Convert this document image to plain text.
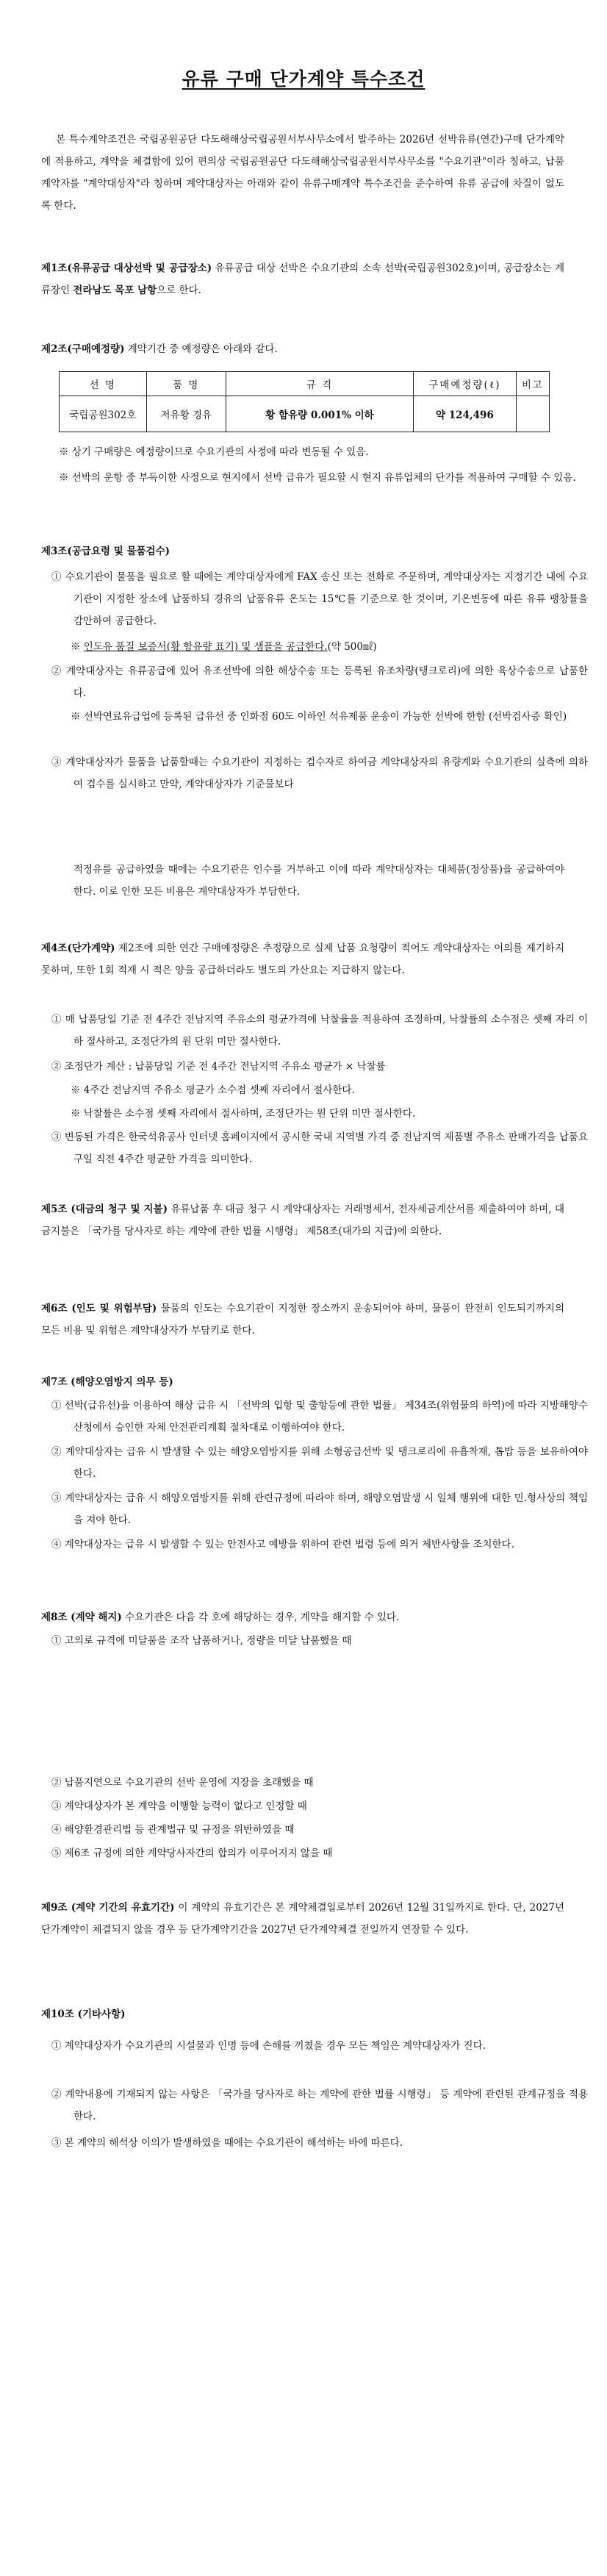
유류 구매 단가계약 특수조건
본 특수계약조건은 국립공원공단 다도해해상국립공원서부사무소에서 발주하는 2026년 선박유류(연간)구매 단가계약에 적용하고, 계약을 체결함에 있어 편의상 국립공원공단 다도해해상국립공원서부사무소를 "수요기관"이라 칭하고, 납품계약자를 "계약대상자"라 칭하며 계약대상자는 아래와 같이 유류구매계약 특수조건을 준수하여 유류 공급에 차질이 없도록 한다.
제1조(유류공급 대상선박 및 공급장소) 유류공급 대상 선박은 수요기관의 소속 선박(국립공원302호)이며, 공급장소는 계류장인 전라남도 목포 남항으로 한다.
제2조(구매예정량) 계약기간 중 예정량은 아래와 같다.
선 명	품 명	규 격	구매예정량(ℓ)	비고
국립공원302호	저유황 경유	황 함유량 0.001% 이하	약 124,496	
※ 상기 구매량은 예정량이므로 수요기관의 사정에 따라 변동될 수 있음.
※ 선박의 운항 중 부득이한 사정으로 현지에서 선박 급유가 필요할 시 현지 유류업체의 단가를 적용하여 구매할 수 있음.
제3조(공급요령 및 물품검수)
① 수요기관이 물품을 필요로 할 때에는 계약대상자에게 FAX 송신 또는 전화로 주문하며, 계약대상자는 지정기간 내에 수요기관이 지정한 장소에 납품하되 경유의 납품유류 온도는 15℃를 기준으로 한 것이며, 기온변동에 따른 유류 팽창률을 감안하여 공급한다.
※ 인도유 품질 보증서(황 함유량 표기) 및 샘플을 공급한다.(약 500㎖)
② 계약대상자는 유류공급에 있어 유조선박에 의한 해상수송 또는 등록된 유조차량(탱크로리)에 의한 육상수송으로 납품한다.
※ 선박연료유급업에 등록된 급유선 중 인화점 60도 이하인 석유제품 운송이 가능한 선박에 한함 (선박검사증 확인)
③ 계약대상자가 물품을 납품할때는 수요기관이 지정하는 검수자로 하여금 계약대상자의 유량계와 수요기관의 실측에 의하여 검수를 실시하고 만약, 계약대상자가 기준물보다
적정유를 공급하였을 때에는 수요기관은 인수를 거부하고 이에 따라 계약대상자는 대체품(정상품)을 공급하여야 한다. 이로 인한 모든 비용은 계약대상자가 부담한다.
제4조(단가계약) 제2조에 의한 연간 구매예정량은 추정량으로 실제 납품 요청량이 적어도 계약대상자는 이의를 제기하지 못하며, 또한 1회 적재 시 적은 양을 공급하더라도 별도의 가산요는 지급하지 않는다.
① 매 납품당일 기준 전 4주간 전남지역 주유소의 평균가격에 낙찰율을 적용하여 조정하며, 낙찰률의 소수점은 셋째 자리 이하 절사하고, 조정단가의 원 단위 미만 절사한다.
② 조정단가 계산 : 납품당일 기준 전 4주간 전남지역 주유소 평균가 × 낙찰률
※ 4주간 전남지역 주유소 평균가 소수점 셋째 자리에서 절사한다.
※ 낙찰률은 소수점 셋째 자리에서 절사하며, 조정단가는 원 단위 미만 절사한다.
③ 변동된 가격은 한국석유공사 인터넷 홈페이지에서 공시한 국내 지역별 가격 중 전남지역 제품별 주유소 판매가격을 납품요구일 직전 4주간 평균한 가격을 의미한다.
제5조 (대금의 청구 및 지불) 유류납품 후 대금 청구 시 계약대상자는 거래명세서, 전자세금계산서를 제출하여야 하며, 대금지불은 「국가를 당사자로 하는 계약에 관한 법률 시행령」 제58조(대가의 지급)에 의한다.
제6조 (인도 및 위험부담) 물품의 인도는 수요기관이 지정한 장소까지 운송되어야 하며, 물품이 완전히 인도되기까지의 모든 비용 및 위험은 계약대상자가 부담키로 한다.
제7조 (해양오염방지 의무 등)
① 선박(급유선)을 이용하여 해상 급유 시 「선박의 입항 및 출항등에 관한 법률」 제34조(위험물의 하역)에 따라 지방해양수산청에서 승인한 자체 안전관리계획 절차대로 이행하여야 한다.
② 계약대상자는 급유 시 발생할 수 있는 해양오염방지를 위해 소형공급선박 및 탱크로리에 유흡착재, 톱밥 등을 보유하여야 한다.
③ 계약대상자는 급유 시 해양오염방지를 위해 관련규정에 따라야 하며, 해양오염발생 시 일체 행위에 대한 민․형사상의 책임을 져야 한다.
④ 계약대상자는 급유 시 발생할 수 있는 안전사고 예방을 위하여 관련 법령 등에 의거 제반사항을 조치한다.
제8조 (계약 해지) 수요기관은 다음 각 호에 해당하는 경우, 계약을 해지할 수 있다.
① 고의로 규격에 미달품을 조작 납품하거나, 정량을 미달 납품했을 때
② 납품지연으로 수요기관의 선박 운영에 지장을 초래했을 때
③ 계약대상자가 본 계약을 이행할 능력이 없다고 인정할 때
④ 해양환경관리법 등 관계법규 및 규정을 위반하였을 때
⑤ 제6조 규정에 의한 계약당사자간의 합의가 이루어지지 않을 때
제9조 (계약 기간의 유효기간) 이 계약의 유효기간은 본 계약체결일로부터 2026년 12월 31일까지로 한다. 단, 2027년 단가계약이 체결되지 않을 경우 등 단가계약기간을 2027년 단가계약체결 전일까지 연장할 수 있다.
제10조 (기타사항)
① 계약대상자가 수요기관의 시설물과 인명 등에 손해를 끼쳤을 경우 모든 책임은 계약대상자가 진다.
② 계약내용에 기재되지 않는 사항은 「국가를 당사자로 하는 계약에 관한 법률 시행령」 등 계약에 관련된 관계규정을 적용한다.
③ 본 계약의 해석상 이의가 발생하였을 때에는 수요기관이 해석하는 바에 따른다.
